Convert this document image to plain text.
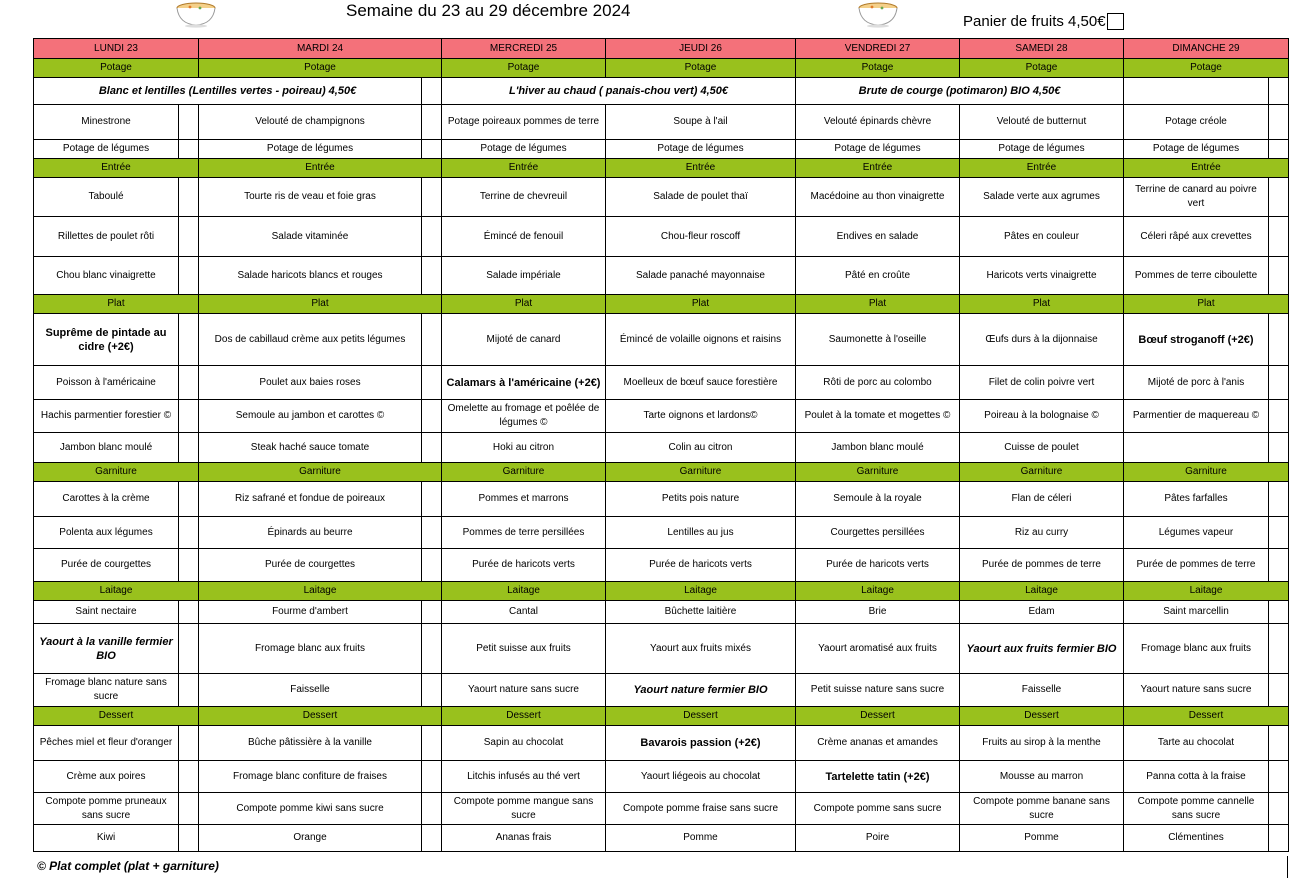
Semaine du 23 au 29 décembre 2024
Panier de fruits 4,50€
LUNDI 23		MARDI 24		MERCREDI 25	JEUDI 26	VENDREDI 27	SAMEDI 28	DIMANCHE 29	
Potage		Potage		Potage	Potage	Potage	Potage	Potage	
Blanc et lentilles (Lentilles vertes - poireau) 4,50€				L'hiver au chaud ( panais-chou vert) 4,50€		Brute de courge (potimaron) BIO 4,50€			
Minestrone		Velouté de champignons		Potage poireaux pommes de terre	Soupe à l'ail	Velouté épinards chèvre	Velouté de butternut	Potage créole	
Potage de légumes		Potage de légumes		Potage de légumes	Potage de légumes	Potage de légumes	Potage de légumes	Potage de légumes	
Entrée		Entrée		Entrée	Entrée	Entrée	Entrée	Entrée	
Taboulé		Tourte ris de veau et foie gras		Terrine de chevreuil	Salade de poulet thaï	Macédoine au thon vinaigrette	Salade verte aux agrumes	Terrine de canard au poivre vert	
Rillettes de poulet rôti		Salade vitaminée		Émincé de fenouil	Chou-fleur roscoff	Endives en salade	Pâtes en couleur	Céleri râpé aux crevettes	
Chou blanc vinaigrette		Salade haricots blancs et rouges		Salade impériale	Salade panaché mayonnaise	Pâté en croûte	Haricots verts vinaigrette	Pommes de terre ciboulette	
Plat		Plat		Plat	Plat	Plat	Plat	Plat	
Suprême de pintade au cidre (+2€)		Dos de cabillaud crème aux petits légumes		Mijoté de canard	Émincé de volaille oignons et raisins	Saumonette à l'oseille	Œufs durs à la dijonnaise	Bœuf stroganoff (+2€)	
Poisson à l'américaine		Poulet aux baies roses		Calamars à l'américaine (+2€)	Moelleux de bœuf sauce forestière	Rôti de porc au colombo	Filet de colin poivre vert	Mijoté de porc à l'anis	
Hachis parmentier forestier ©		Semoule au jambon et carottes ©		Omelette au fromage et poêlée de légumes ©	Tarte oignons et lardons©	Poulet à la tomate et mogettes ©	Poireau à la bolognaise ©	Parmentier de maquereau ©	
Jambon blanc moulé		Steak haché sauce tomate		Hoki au citron	Colin au citron	Jambon blanc moulé	Cuisse de poulet		
Garniture		Garniture		Garniture	Garniture	Garniture	Garniture	Garniture	
Carottes à la crème		Riz safrané et fondue de poireaux		Pommes et marrons	Petits pois nature	Semoule à la royale	Flan de céleri	Pâtes farfalles	
Polenta aux légumes		Épinards au beurre		Pommes de terre persillées	Lentilles au jus	Courgettes persillées	Riz au curry	Légumes vapeur	
Purée de courgettes		Purée de courgettes		Purée de haricots verts	Purée de haricots verts	Purée de haricots verts	Purée de pommes de terre	Purée de pommes de terre	
Laitage		Laitage		Laitage	Laitage	Laitage	Laitage	Laitage	
Saint nectaire		Fourme d'ambert		Cantal	Bûchette laitière	Brie	Edam	Saint marcellin	
Yaourt à la vanille fermier BIO		Fromage blanc aux fruits		Petit suisse aux fruits	Yaourt aux fruits mixés	Yaourt aromatisé aux fruits	Yaourt aux fruits fermier BIO	Fromage blanc aux fruits	
Fromage blanc nature sans sucre		Faisselle		Yaourt nature sans sucre	Yaourt nature fermier BIO	Petit suisse nature sans sucre	Faisselle	Yaourt nature sans sucre	
Dessert		Dessert		Dessert	Dessert	Dessert	Dessert	Dessert	
Pêches miel et fleur d'oranger		Bûche pâtissière à la vanille		Sapin au chocolat	Bavarois passion (+2€)	Crème ananas et amandes	Fruits au sirop à la menthe	Tarte au chocolat	
Crème aux poires		Fromage blanc confiture de fraises		Litchis infusés au thé vert	Yaourt liégeois au chocolat	Tartelette tatin (+2€)	Mousse au marron	Panna cotta à la fraise	
Compote pomme pruneaux sans sucre		Compote pomme kiwi sans sucre		Compote pomme mangue sans sucre	Compote pomme fraise sans sucre	Compote pomme sans sucre	Compote pomme banane sans sucre	Compote pomme cannelle sans sucre	
Kiwi		Orange		Ananas frais	Pomme	Poire	Pomme	Clémentines	
© Plat complet (plat + garniture)
